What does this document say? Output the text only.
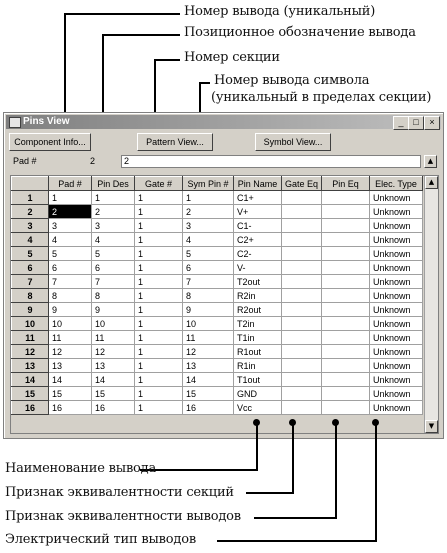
Номер вывода (уникальный)
Позиционное обозначение вывода
Номер секции
Номер вывода символа
(уникальный в пределах секции)
Pins View	_	□	×
Component Info...	Pattern View...	Symbol View...
Pad #	2	2	▲
	Pad #	Pin Des	Gate #	Sym Pin #	Pin Name	Gate Eq	Pin Eq	Elec. Type
1	1	1	1	1	C1+			Unknown
2	2	2	1	2	V+			Unknown
3	3	3	1	3	C1-			Unknown
4	4	4	1	4	C2+			Unknown
5	5	5	1	5	C2-			Unknown
6	6	6	1	6	V-			Unknown
7	7	7	1	7	T2out			Unknown
8	8	8	1	8	R2in			Unknown
9	9	9	1	9	R2out			Unknown
10	10	10	1	10	T2in			Unknown
11	11	11	1	11	T1in			Unknown
12	12	12	1	12	R1out			Unknown
13	13	13	1	13	R1in			Unknown
14	14	14	1	14	T1out			Unknown
15	15	15	1	15	GND			Unknown
16	16	16	1	16	Vcc			Unknown
▲
▼
Наименование вывода
Признак эквивалентности секций
Признак эквивалентности выводов
Электрический тип выводов
